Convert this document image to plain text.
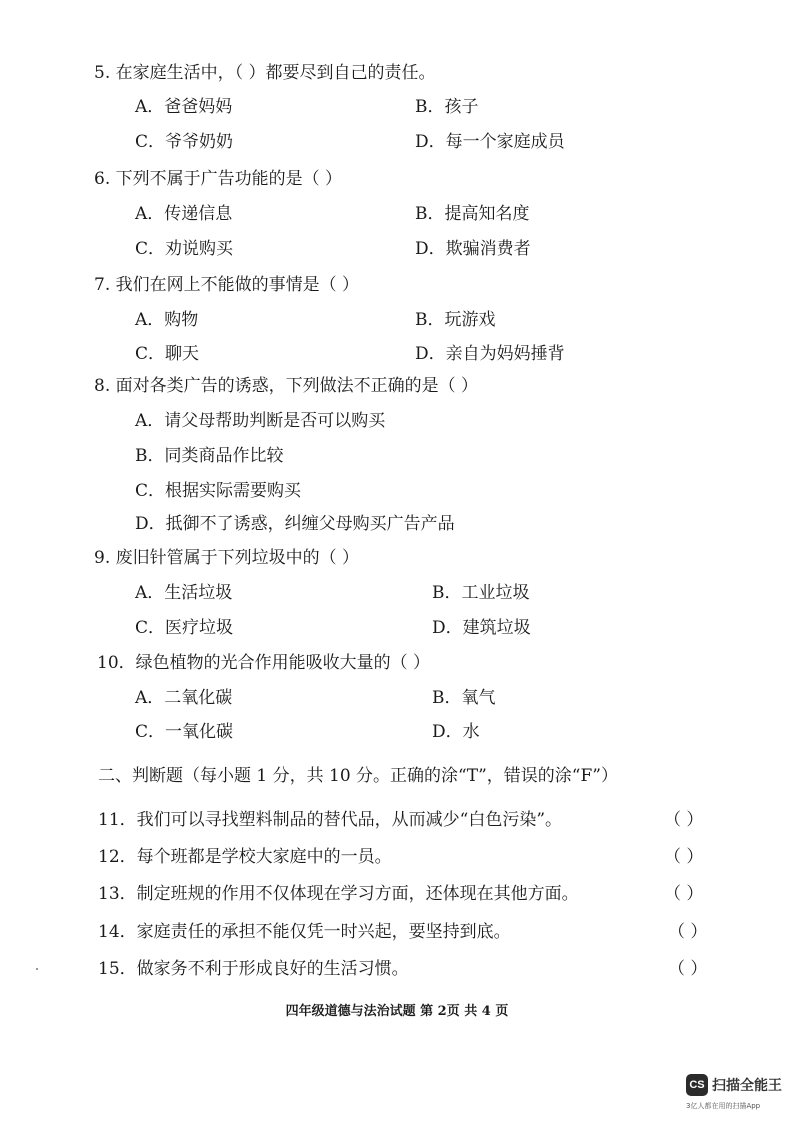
5. 在家庭生活中，（ ）都要尽到自己的责任。
A．爸爸妈妈	B．孩子
C．爷爷奶奶	D．每一个家庭成员
6. 下列不属于广告功能的是（ ）
A．传递信息	B．提高知名度
C．劝说购买	D．欺骗消费者
7. 我们在网上不能做的事情是（ ）
A．购物	B．玩游戏
C．聊天	D．亲自为妈妈捶背
8. 面对各类广告的诱惑，下列做法不正确的是（ ）
A．请父母帮助判断是否可以购买
B．同类商品作比较
C．根据实际需要购买
D．抵御不了诱惑，纠缠父母购买广告产品
9. 废旧针管属于下列垃圾中的（ ）
A．生活垃圾	B．工业垃圾
C．医疗垃圾	D．建筑垃圾
10．绿色植物的光合作用能吸收大量的（ ）
A．二氧化碳	B．氧气
C．一氧化碳	D．水
二、判断题（每小题 1 分，共 10 分。正确的涂“T”，错误的涂“F”）
11．我们可以寻找塑料制品的替代品，从而减少“白色污染”。	（ ）
12．每个班都是学校大家庭中的一员。	（ ）
13．制定班规的作用不仅体现在学习方面，还体现在其他方面。	（ ）
14．家庭责任的承担不能仅凭一时兴起，要坚持到底。	（ ）
15．做家务不利于形成良好的生活习惯。	（ ）
四年级道德与法治试题 第 2页 共 4 页
CS 扫描全能王
3亿人都在用的扫描App
